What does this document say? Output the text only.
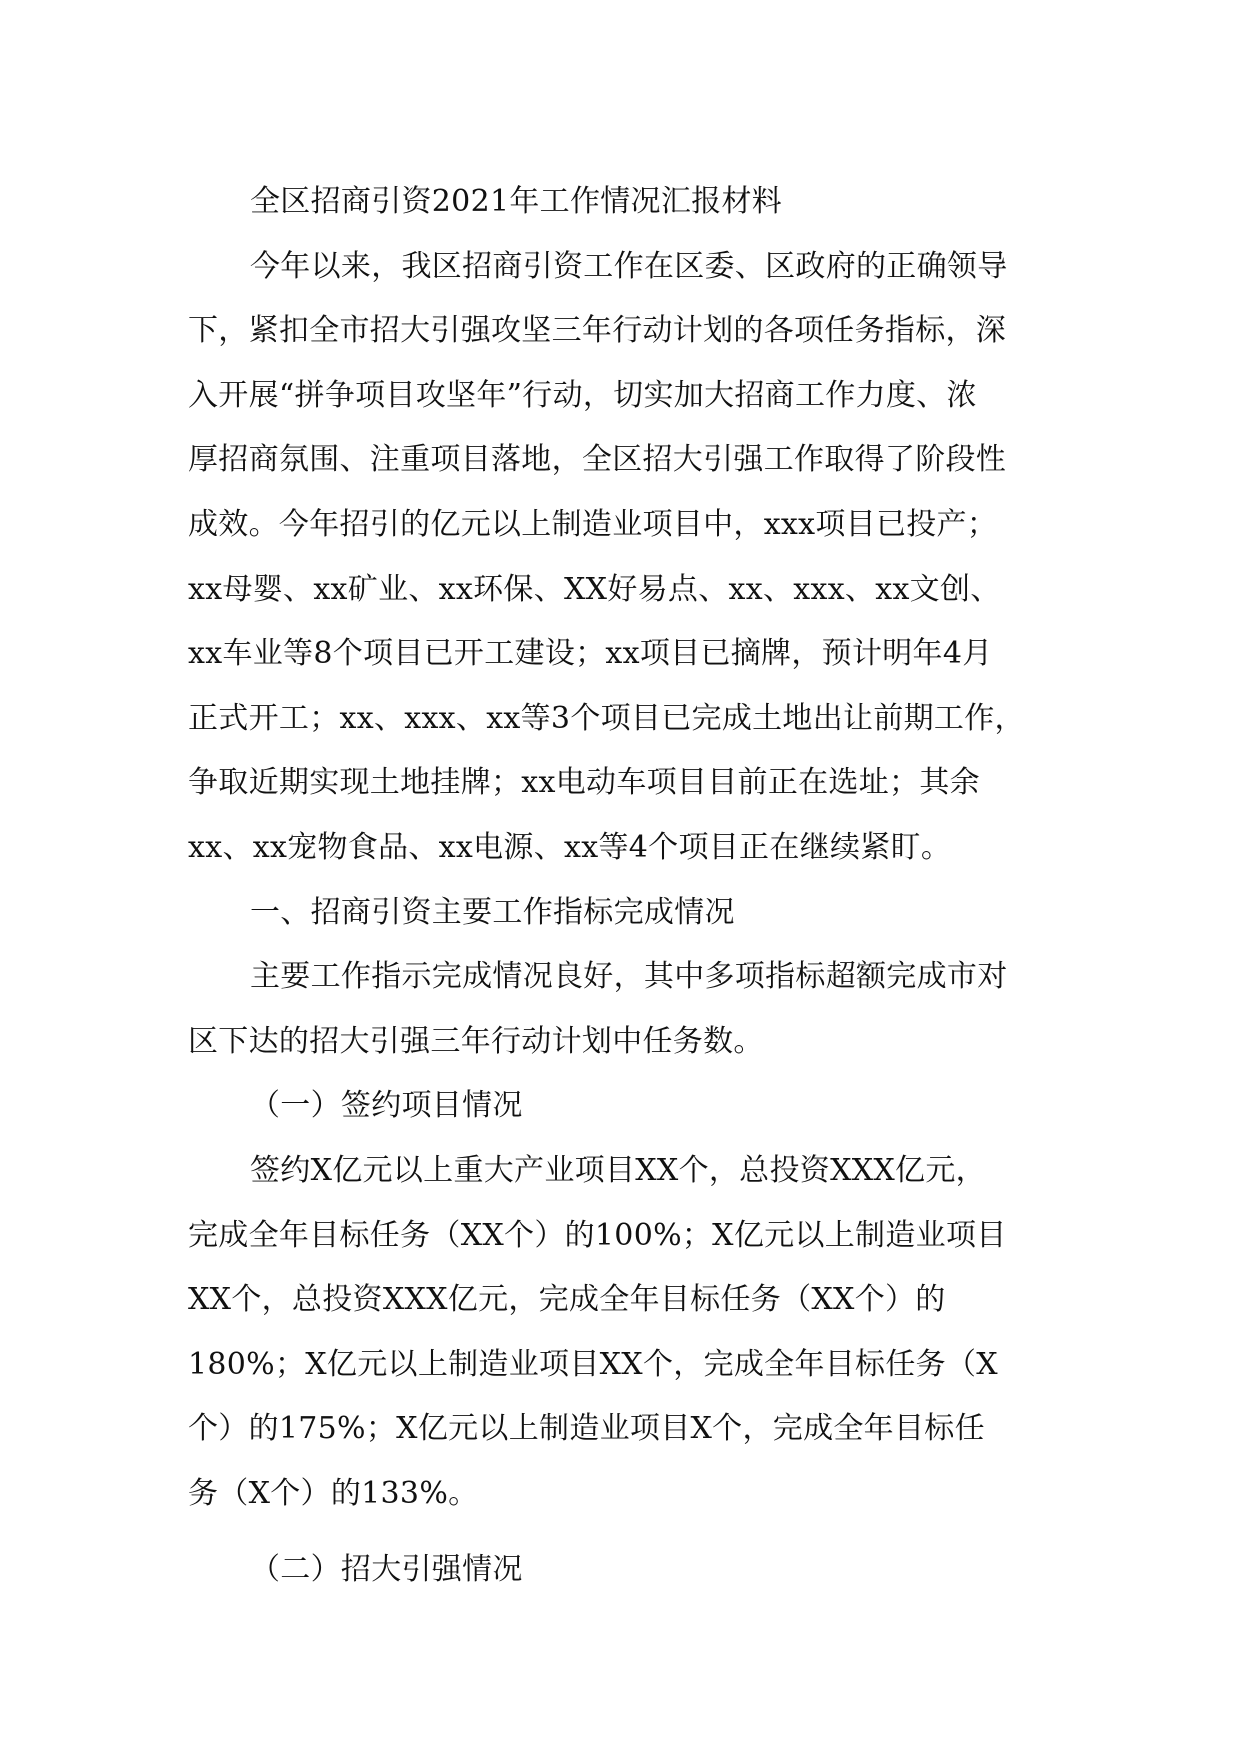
全区招商引资2021年工作情况汇报材料
今年以来，我区招商引资工作在区委、区政府的正确领导
下，紧扣全市招大引强攻坚三年行动计划的各项任务指标，深
入开展“拼争项目攻坚年”行动，切实加大招商工作力度、浓
厚招商氛围、注重项目落地，全区招大引强工作取得了阶段性
成效。今年招引的亿元以上制造业项目中，xxx项目已投产；
xx母婴、xx矿业、xx环保、XX好易点、xx、xxx、xx文创、
xx车业等8个项目已开工建设；xx项目已摘牌，预计明年4月
正式开工；xx、xxx、xx等3个项目已完成土地出让前期工作，
争取近期实现土地挂牌；xx电动车项目目前正在选址；其余
xx、xx宠物食品、xx电源、xx等4个项目正在继续紧盯。
一、招商引资主要工作指标完成情况
主要工作指示完成情况良好，其中多项指标超额完成市对
区下达的招大引强三年行动计划中任务数。
（一）签约项目情况
签约X亿元以上重大产业项目XX个，总投资XXX亿元，
完成全年目标任务（XX个）的100%；X亿元以上制造业项目
XX个，总投资XXX亿元，完成全年目标任务（XX个）的
180%；X亿元以上制造业项目XX个，完成全年目标任务（X
个）的175%；X亿元以上制造业项目X个，完成全年目标任
务（X个）的133%。
（二）招大引强情况
